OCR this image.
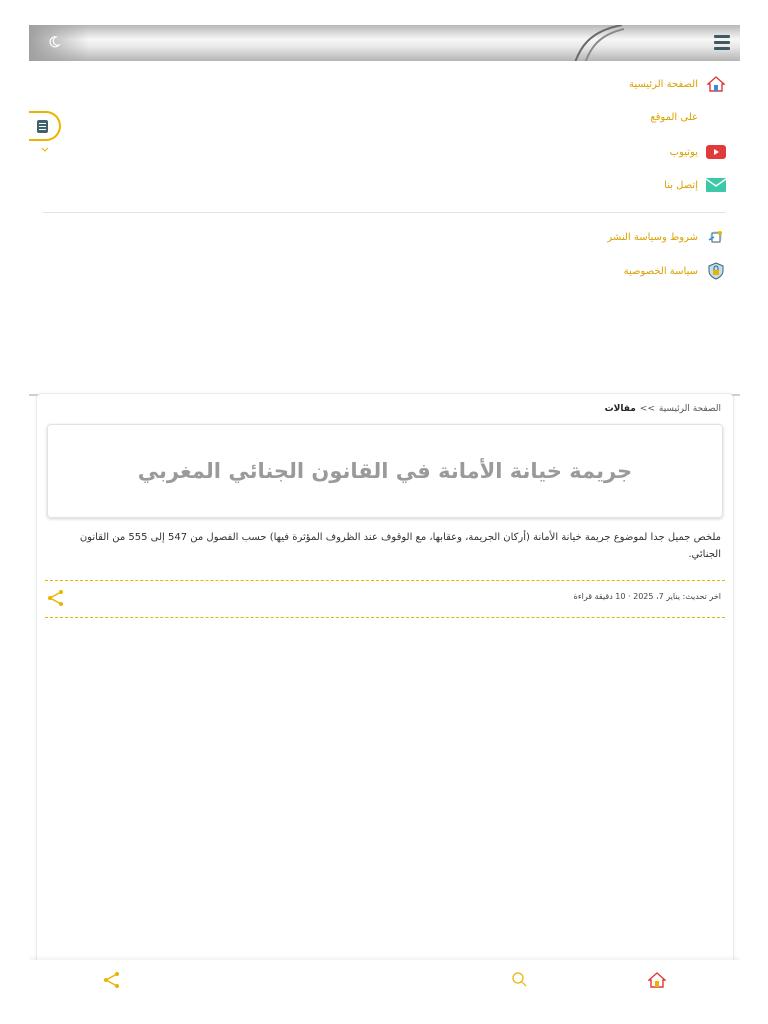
الصفحة الرئيسية
على الموقع
يوتيوب
إتصل بنا
شروط وسياسة النشر
سياسة الخصوصية
الصفحة الرئيسية>>مقالات
جريمة خيانة الأمانة في القانون الجنائي المغربي
ملخص جميل جدا لموضوع جريمة خيانة الأمانة (أركان الجريمة، وعقابها، مع الوقوف عند الظروف المؤثرة فيها) حسب الفصول من 547 إلى 555 من القانون الجنائي.
اخر تحديث: يناير 7، 2025 · 10 دقيقة قراءة
